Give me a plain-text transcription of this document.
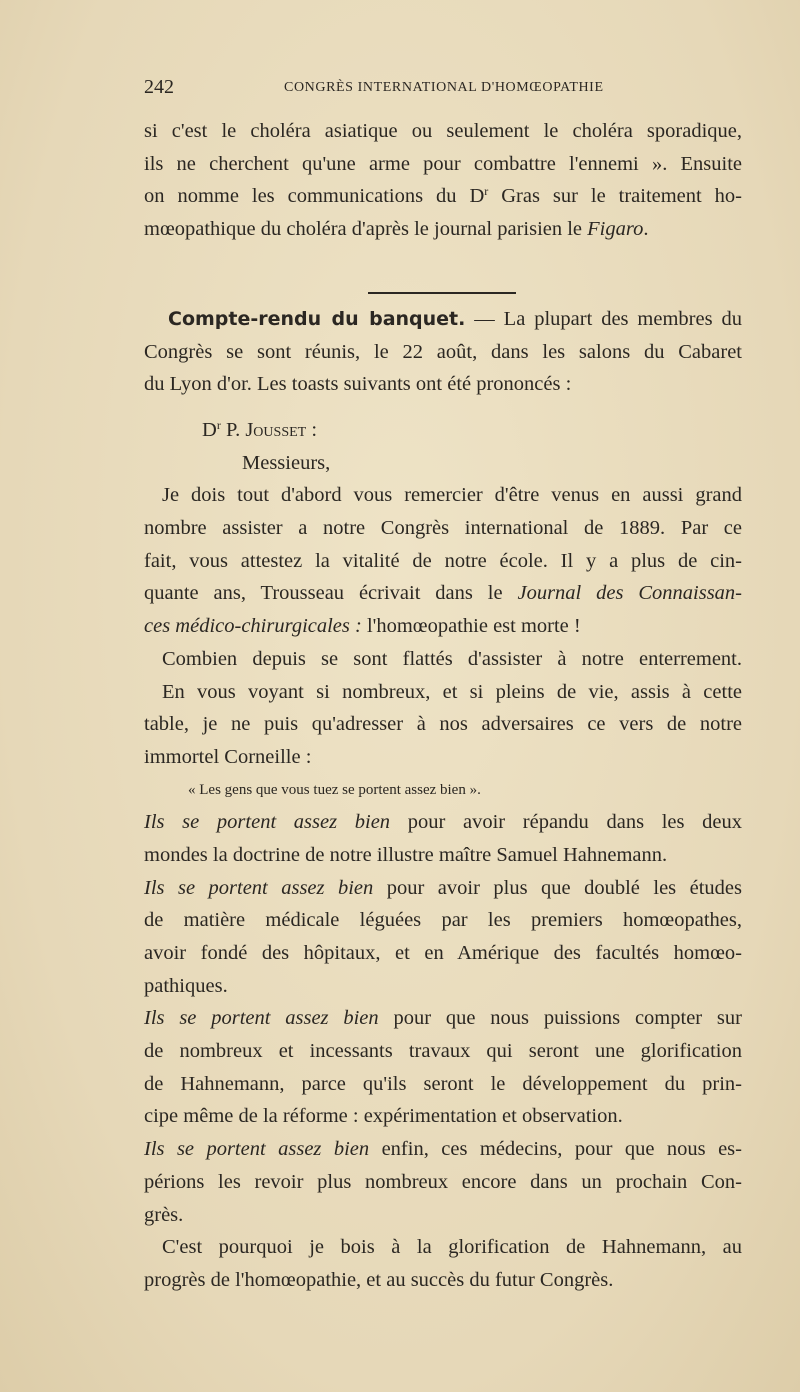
242	CONGRÈS INTERNATIONAL D'HOMŒOPATHIE
si c'est le choléra asiatique ou seulement le choléra sporadique,
ils ne cherchent qu'une arme pour combattre l'ennemi ». Ensuite
on nomme les communications du $D^r$ Gras sur le traitement ho-
mœopathique du choléra d'après le journal parisien le Figaro.
Compte-rendu du banquet. — La plupart des membres du
Congrès se sont réunis, le 22 août, dans les salons du Cabaret
du Lyon d'or. Les toasts suivants ont été prononcés :
$D^r$ P. Jousset :
Messieurs,
Je dois tout d'abord vous remercier d'être venus en aussi grand
nombre assister a notre Congrès international de 1889. Par ce
fait, vous attestez la vitalité de notre école. Il y a plus de cin-
quante ans, Trousseau écrivait dans le Journal des Connaissan-
ces médico-chirurgicales : l'homœopathie est morte !
Combien depuis se sont flattés d'assister à notre enterrement.
En vous voyant si nombreux, et si pleins de vie, assis à cette
table, je ne puis qu'adresser à nos adversaires ce vers de notre
immortel Corneille :
« Les gens que vous tuez se portent assez bien ».
Ils se portent assez bien pour avoir répandu dans les deux
mondes la doctrine de notre illustre maître Samuel Hahnemann.
Ils se portent assez bien pour avoir plus que doublé les études
de matière médicale léguées par les premiers homœopathes,
avoir fondé des hôpitaux, et en Amérique des facultés homœo-
pathiques.
Ils se portent assez bien pour que nous puissions compter sur
de nombreux et incessants travaux qui seront une glorification
de Hahnemann, parce qu'ils seront le développement du prin-
cipe même de la réforme : expérimentation et observation.
Ils se portent assez bien enfin, ces médecins, pour que nous es-
périons les revoir plus nombreux encore dans un prochain Con-
grès.
C'est pourquoi je bois à la glorification de Hahnemann, au
progrès de l'homœopathie, et au succès du futur Congrès.
